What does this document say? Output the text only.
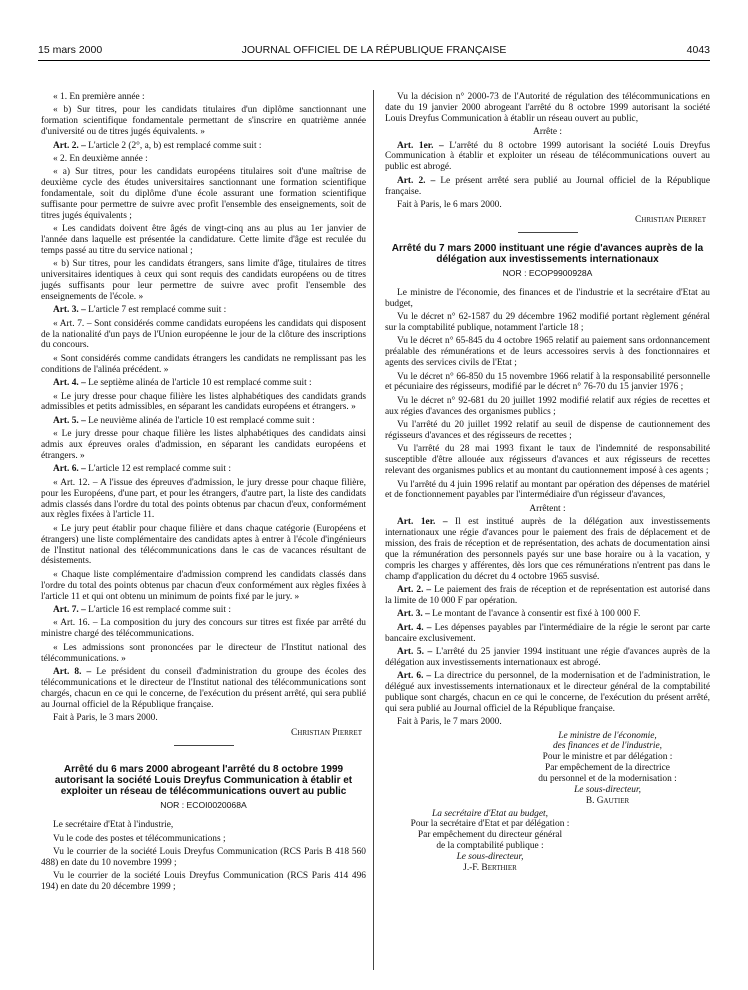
15 mars 2000	JOURNAL OFFICIEL DE LA RÉPUBLIQUE FRANÇAISE	4043

« 1. En première année :

« b) Sur titres, pour les candidats titulaires d'un diplôme sanctionnant une formation scientifique fondamentale permettant de s'inscrire en quatrième année d'université ou de titres jugés équivalents. »

Art. 2. – L'article 2 (2°, a, b) est remplacé comme suit :

« 2. En deuxième année :

« a) Sur titres, pour les candidats européens titulaires soit d'une maîtrise de deuxième cycle des études universitaires sanctionnant une formation scientifique fondamentale, soit du diplôme d'une école assurant une formation scientifique suffisante pour permettre de suivre avec profit l'ensemble des enseignements, soit de titres jugés équivalents ;

« Les candidats doivent être âgés de vingt-cinq ans au plus au 1er janvier de l'année dans laquelle est présentée la candidature. Cette limite d'âge est reculée du temps passé au titre du service national ;

« b) Sur titres, pour les candidats étrangers, sans limite d'âge, titulaires de titres universitaires identiques à ceux qui sont requis des candidats européens ou de titres jugés suffisants pour leur permettre de suivre avec profit l'ensemble des enseignements de l'école. »

Art. 3. – L'article 7 est remplacé comme suit :

« Art. 7. – Sont considérés comme candidats européens les candidats qui disposent de la nationalité d'un pays de l'Union européenne le jour de la clôture des inscriptions du concours.

« Sont considérés comme candidats étrangers les candidats ne remplissant pas les conditions de l'alinéa précédent. »

Art. 4. – Le septième alinéa de l'article 10 est remplacé comme suit :

« Le jury dresse pour chaque filière les listes alphabétiques des candidats grands admissibles et petits admissibles, en séparant les candidats européens et étrangers. »

Art. 5. – Le neuvième alinéa de l'article 10 est remplacé comme suit :

« Le jury dresse pour chaque filière les listes alphabétiques des candidats ainsi admis aux épreuves orales d'admission, en séparant les candidats européens et étrangers. »

Art. 6. – L'article 12 est remplacé comme suit :

« Art. 12. – A l'issue des épreuves d'admission, le jury dresse pour chaque filière, pour les Européens, d'une part, et pour les étrangers, d'autre part, la liste des candidats admis classés dans l'ordre du total des points obtenus par chacun d'eux, conformément aux règles fixées à l'article 11.

« Le jury peut établir pour chaque filière et dans chaque catégorie (Européens et étrangers) une liste complémentaire des candidats aptes à entrer à l'école d'ingénieurs de l'Institut national des télécommunications dans le cas de vacances résultant de désistements.

« Chaque liste complémentaire d'admission comprend les candidats classés dans l'ordre du total des points obtenus par chacun d'eux conformément aux règles fixées à l'article 11 et qui ont obtenu un minimum de points fixé par le jury. »

Art. 7. – L'article 16 est remplacé comme suit :

« Art. 16. – La composition du jury des concours sur titres est fixée par arrêté du ministre chargé des télécommunications.

« Les admissions sont prononcées par le directeur de l'Institut national des télécommunications. »

Art. 8. – Le président du conseil d'administration du groupe des écoles des télécommunications et le directeur de l'Institut national des télécommunications sont chargés, chacun en ce qui le concerne, de l'exécution du présent arrêté, qui sera publié au Journal officiel de la République française.

Fait à Paris, le 3 mars 2000.

Christian Pierret

Arrêté du 6 mars 2000 abrogeant l'arrêté du 8 octobre 1999 autorisant la société Louis Dreyfus Communication à établir et exploiter un réseau de télécommunications ouvert au public
NOR : ECOI0020068A

Le secrétaire d'Etat à l'industrie,

Vu le code des postes et télécommunications ;

Vu le courrier de la société Louis Dreyfus Communication (RCS Paris B 418 560 488) en date du 10 novembre 1999 ;

Vu le courrier de la société Louis Dreyfus Communication (RCS Paris 414 496 194) en date du 20 décembre 1999 ;

Vu la décision n° 2000-73 de l'Autorité de régulation des télécommunications en date du 19 janvier 2000 abrogeant l'arrêté du 8 octobre 1999 autorisant la société Louis Dreyfus Communication à établir un réseau ouvert au public,

Arrête :

Art. 1er. – L'arrêté du 8 octobre 1999 autorisant la société Louis Dreyfus Communication à établir et exploiter un réseau de télécommunications ouvert au public est abrogé.

Art. 2. – Le présent arrêté sera publié au Journal officiel de la République française.

Fait à Paris, le 6 mars 2000.

Christian Pierret

Arrêté du 7 mars 2000 instituant une régie d'avances auprès de la délégation aux investissements internationaux
NOR : ECOP9900928A

Le ministre de l'économie, des finances et de l'industrie et la secrétaire d'Etat au budget,

Vu le décret n° 62-1587 du 29 décembre 1962 modifié portant règlement général sur la comptabilité publique, notamment l'article 18 ;

Vu le décret n° 65-845 du 4 octobre 1965 relatif au paiement sans ordonnancement préalable des rémunérations et de leurs accessoires servis à des fonctionnaires et agents des services civils de l'Etat ;

Vu le décret n° 66-850 du 15 novembre 1966 relatif à la responsabilité personnelle et pécuniaire des régisseurs, modifié par le décret n° 76-70 du 15 janvier 1976 ;

Vu le décret n° 92-681 du 20 juillet 1992 modifié relatif aux régies de recettes et aux régies d'avances des organismes publics ;

Vu l'arrêté du 20 juillet 1992 relatif au seuil de dispense de cautionnement des régisseurs d'avances et des régisseurs de recettes ;

Vu l'arrêté du 28 mai 1993 fixant le taux de l'indemnité de responsabilité susceptible d'être allouée aux régisseurs d'avances et aux régisseurs de recettes relevant des organismes publics et au montant du cautionnement imposé à ces agents ;

Vu l'arrêté du 4 juin 1996 relatif au montant par opération des dépenses de matériel et de fonctionnement payables par l'intermédiaire d'un régisseur d'avances,

Arrêtent :

Art. 1er. – Il est institué auprès de la délégation aux investissements internationaux une régie d'avances pour le paiement des frais de déplacement et de mission, des frais de réception et de représentation, des achats de documentation ainsi que la rémunération des personnels payés sur une base horaire ou à la vacation, y compris les charges y afférentes, dès lors que ces rémunérations n'entrent pas dans le champ d'application du décret du 4 octobre 1965 susvisé.

Art. 2. – Le paiement des frais de réception et de représentation est autorisé dans la limite de 10 000 F par opération.

Art. 3. – Le montant de l'avance à consentir est fixé à 100 000 F.

Art. 4. – Les dépenses payables par l'intermédiaire de la régie le seront par carte bancaire exclusivement.

Art. 5. – L'arrêté du 25 janvier 1994 instituant une régie d'avances auprès de la délégation aux investissements internationaux est abrogé.

Art. 6. – La directrice du personnel, de la modernisation et de l'administration, le délégué aux investissements internationaux et le directeur général de la comptabilité publique sont chargés, chacun en ce qui le concerne, de l'exécution du présent arrêté, qui sera publié au Journal officiel de la République française.

Fait à Paris, le 7 mars 2000.

Le ministre de l'économie,
des finances et de l'industrie,
Pour le ministre et par délégation :
Par empêchement de la directrice
du personnel et de la modernisation :
Le sous-directeur,
B. Gautier
La secrétaire d'Etat au budget,
Pour la secrétaire d'Etat et par délégation :
Par empêchement du directeur général
de la comptabilité publique :
Le sous-directeur,
J.-F. Berthier
